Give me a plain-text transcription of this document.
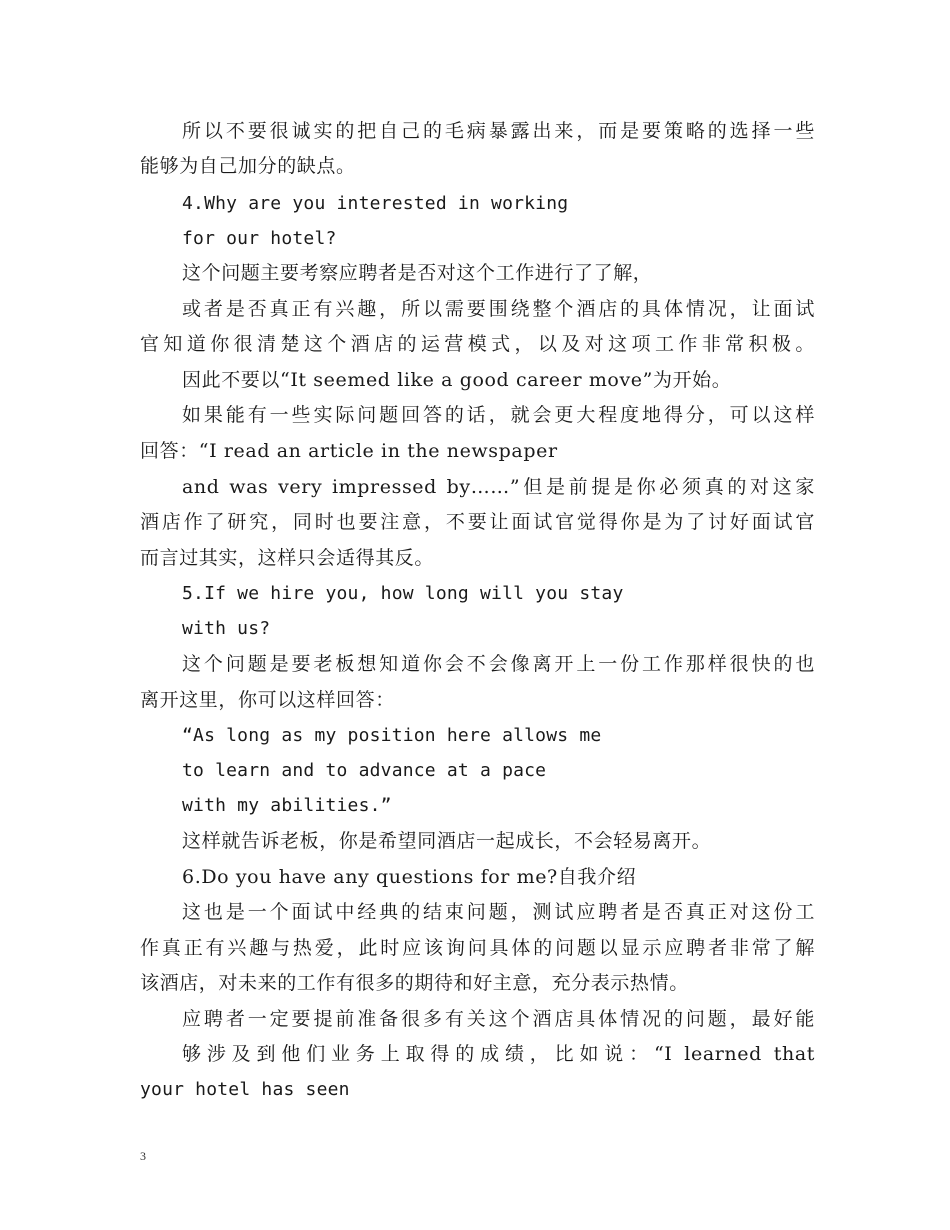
所以不要很诚实的把自己的毛病暴露出来，而是要策略的选择一些
能够为自己加分的缺点。
4.Why are you interested in working
for our hotel?
这个问题主要考察应聘者是否对这个工作进行了了解，
或者是否真正有兴趣，所以需要围绕整个酒店的具体情况，让面试
官知道你很清楚这个酒店的运营模式，以及对这项工作非常积极。
因此不要以“It seemed like a good career move”为开始。
如果能有一些实际问题回答的话，就会更大程度地得分，可以这样
回答：“I read an article in the newspaper
and was very impressed by……”但是前提是你必须真的对这家
酒店作了研究，同时也要注意，不要让面试官觉得你是为了讨好面试官
而言过其实，这样只会适得其反。
5.If we hire you, how long will you stay
with us?
这个问题是要老板想知道你会不会像离开上一份工作那样很快的也
离开这里，你可以这样回答：
“As long as my position here allows me
to learn and to advance at a pace
with my abilities.”
这样就告诉老板，你是希望同酒店一起成长，不会轻易离开。
6.Do you have any questions for me?自我介绍
这也是一个面试中经典的结束问题，测试应聘者是否真正对这份工
作真正有兴趣与热爱，此时应该询问具体的问题以显示应聘者非常了解
该酒店，对未来的工作有很多的期待和好主意，充分表示热情。
应聘者一定要提前准备很多有关这个酒店具体情况的问题，最好能
够涉及到他们业务上取得的成绩，比如说：“I learned that
your hotel has seen
3
